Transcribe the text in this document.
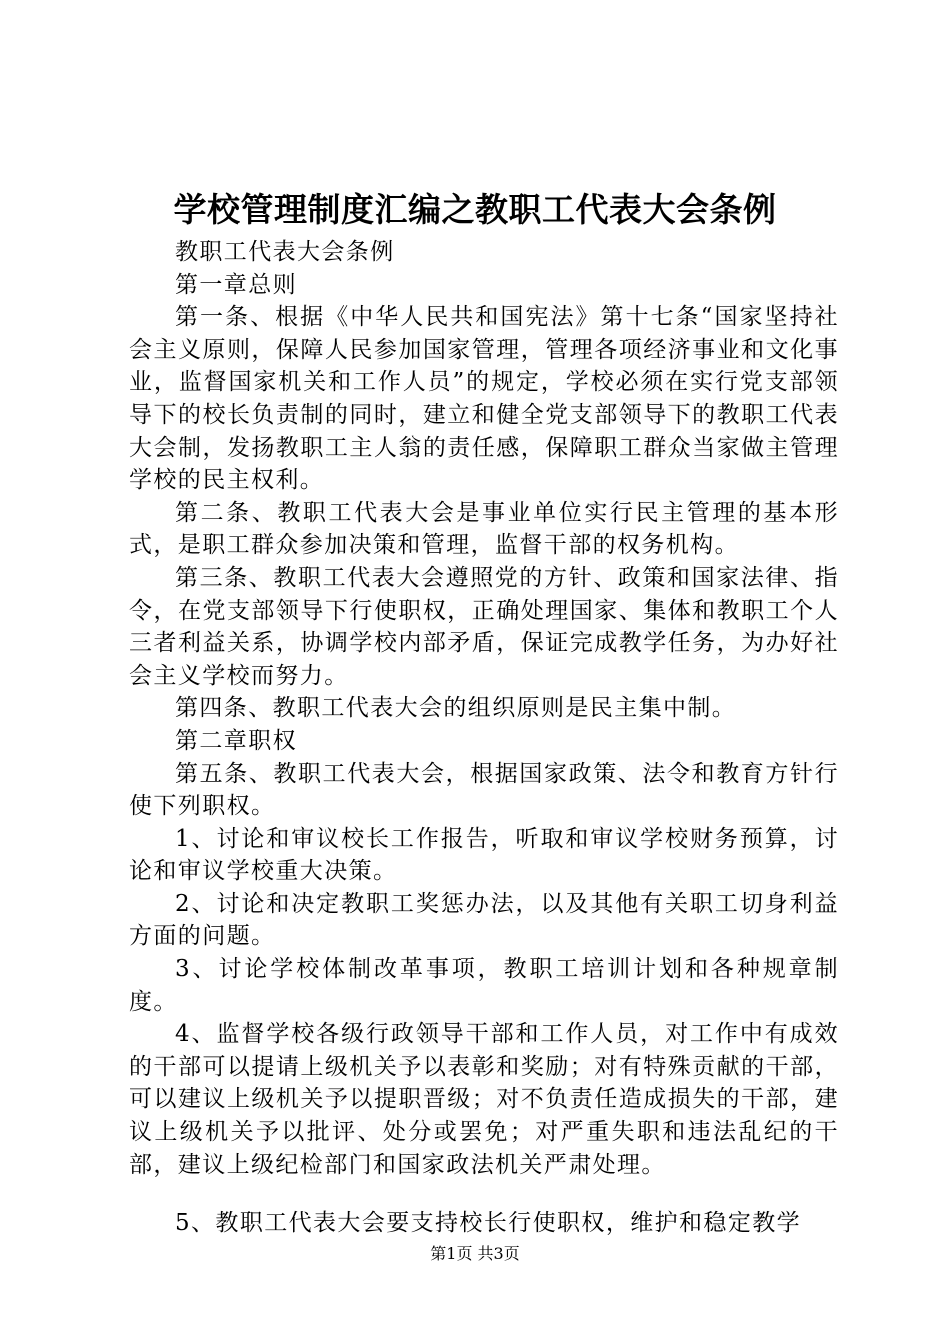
学校管理制度汇编之教职工代表大会条例

教职工代表大会条例

第一章总则

第一条、根据《中华人民共和国宪法》第十七条“国家坚持社会主义原则，保障人民参加国家管理，管理各项经济事业和文化事业，监督国家机关和工作人员”的规定，学校必须在实行党支部领导下的校长负责制的同时，建立和健全党支部领导下的教职工代表大会制，发扬教职工主人翁的责任感，保障职工群众当家做主管理学校的民主权利。

第二条、教职工代表大会是事业单位实行民主管理的基本形式，是职工群众参加决策和管理，监督干部的权务机构。

第三条、教职工代表大会遵照党的方针、政策和国家法律、指令，在党支部领导下行使职权，正确处理国家、集体和教职工个人三者利益关系，协调学校内部矛盾，保证完成教学任务，为办好社会主义学校而努力。

第四条、教职工代表大会的组织原则是民主集中制。

第二章职权

第五条、教职工代表大会，根据国家政策、法令和教育方针行使下列职权。

1、讨论和审议校长工作报告，听取和审议学校财务预算，讨论和审议学校重大决策。

2、讨论和决定教职工奖惩办法，以及其他有关职工切身利益方面的问题。

3、讨论学校体制改革事项，教职工培训计划和各种规章制度。

4、监督学校各级行政领导干部和工作人员，对工作中有成效的干部可以提请上级机关予以表彰和奖励；对有特殊贡献的干部，可以建议上级机关予以提职晋级；对不负责任造成损失的干部，建议上级机关予以批评、处分或罢免；对严重失职和违法乱纪的干部，建议上级纪检部门和国家政法机关严肃处理。

5、教职工代表大会要支持校长行使职权，维护和稳定教学

第1页 共3页
